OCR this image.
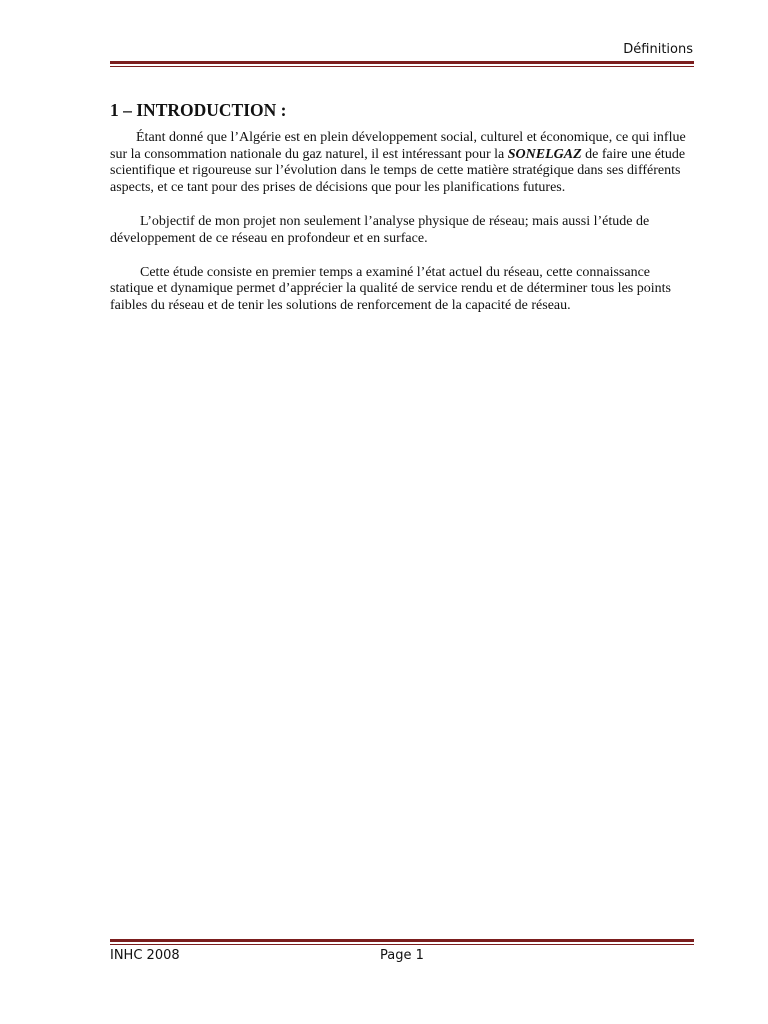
Définitions
1 – INTRODUCTION :

Étant donné que l’Algérie est en plein développement social, culturel et économique, ce qui influe sur la consommation nationale du gaz naturel, il est intéressant pour la SONELGAZ de faire une étude scientifique et rigoureuse sur l’évolution dans le temps de cette matière stratégique dans ses différents aspects, et ce tant pour des prises de décisions que pour les planifications futures.

L’objectif de mon projet non seulement l’analyse physique de réseau; mais aussi l’étude de développement de ce réseau en profondeur et en surface.

Cette étude consiste en premier temps a examiné l’état actuel du réseau, cette connaissance statique et dynamique permet d’apprécier la qualité de service rendu et de déterminer tous les points faibles du réseau et de tenir les solutions de renforcement de la capacité de réseau.

INHC 2008	Page 1
